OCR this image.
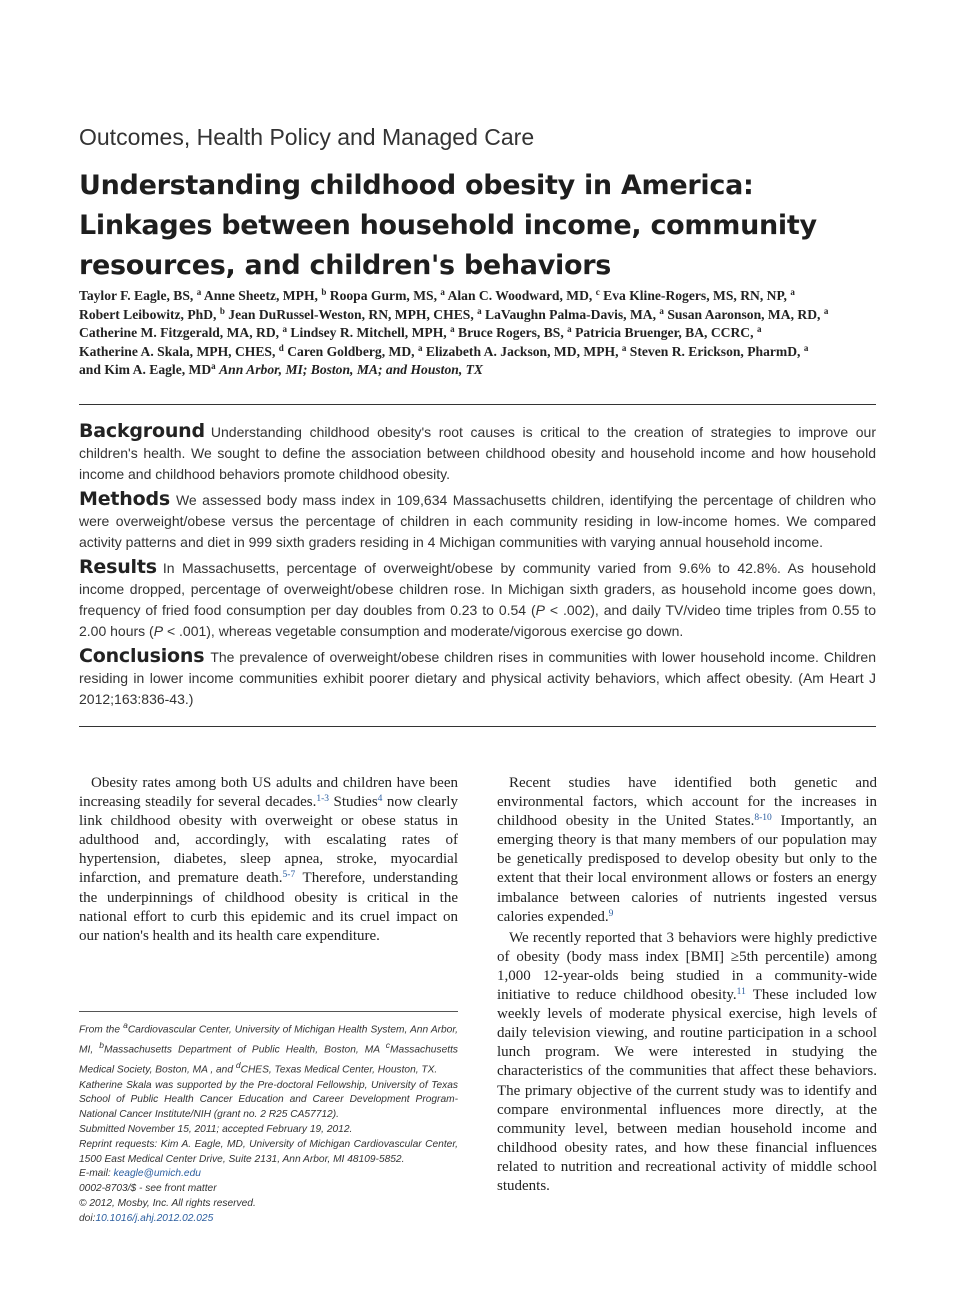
Outcomes, Health Policy and Managed Care
Understanding childhood obesity in America:
Linkages between household income, community
resources, and children's behaviors
Taylor F. Eagle, BS, $^a$ Anne Sheetz, MPH, $^b$ Roopa Gurm, MS, $^a$ Alan C. Woodward, MD, $^c$ Eva Kline-Rogers, MS, RN, NP, $^a$
Robert Leibowitz, PhD, $^b$ Jean DuRussel-Weston, RN, MPH, CHES, $^a$ LaVaughn Palma-Davis, MA, $^a$ Susan Aaronson, MA, RD, $^a$
Catherine M. Fitzgerald, MA, RD, $^a$ Lindsey R. Mitchell, MPH, $^a$ Bruce Rogers, BS, $^a$ Patricia Bruenger, BA, CCRC, $^a$
Katherine A. Skala, MPH, CHES, $^d$ Caren Goldberg, MD, $^a$ Elizabeth A. Jackson, MD, MPH, $^a$ Steven R. Erickson, PharmD, $^a$
and Kim A. Eagle, $MD^a$ Ann Arbor, MI; Boston, MA; and Houston, TX

Background Understanding childhood obesity's root causes is critical to the creation of strategies to improve our children's health. We sought to define the association between childhood obesity and household income and how household income and childhood behaviors promote childhood obesity.

Methods We assessed body mass index in 109,634 Massachusetts children, identifying the percentage of children who were overweight/obese versus the percentage of children in each community residing in low-income homes. We compared activity patterns and diet in 999 sixth graders residing in 4 Michigan communities with varying annual household income.

Results In Massachusetts, percentage of overweight/obese by community varied from 9.6% to 42.8%. As household income dropped, percentage of overweight/obese children rose. In Michigan sixth graders, as household income goes down, frequency of fried food consumption per day doubles from 0.23 to 0.54 (P < .002), and daily TV/video time triples from 0.55 to 2.00 hours (P < .001), whereas vegetable consumption and moderate/vigorous exercise go down.

Conclusions The prevalence of overweight/obese children rises in communities with lower household income. Children residing in lower income communities exhibit poorer dietary and physical activity behaviors, which affect obesity. (Am Heart J 2012;163:836-43.)

Obesity rates among both US adults and children have been increasing steadily for several decades.$^{1-3}$ Studies$^4$ now clearly link childhood obesity with overweight or obese status in adulthood and, accordingly, with escalating rates of hypertension, diabetes, sleep apnea, stroke, myocardial infarction, and premature death.$^{5-7}$ Therefore, understanding the underpinnings of childhood obesity is critical in the national effort to curb this epidemic and its cruel impact on our nation's health and its health care expenditure.

From the $^a$Cardiovascular Center, University of Michigan Health System, Ann Arbor, MI, $^b$Massachusetts Department of Public Health, Boston, MA $^c$Massachusetts Medical Society, Boston, MA , and $^d$CHES, Texas Medical Center, Houston, TX.

Katherine Skala was supported by the Pre-doctoral Fellowship, University of Texas School of Public Health Cancer Education and Career Development Program-National Cancer Institute/NIH (grant no. 2 R25 CA57712).

Submitted November 15, 2011; accepted February 19, 2012.

Reprint requests: Kim A. Eagle, MD, University of Michigan Cardiovascular Center, 1500 East Medical Center Drive, Suite 2131, Ann Arbor, MI 48109-5852.

E-mail: keagle@umich.edu

0002-8703/$ - see front matter

© 2012, Mosby, Inc. All rights reserved.

doi:10.1016/j.ahj.2012.02.025

Recent studies have identified both genetic and environmental factors, which account for the increases in childhood obesity in the United States.$^{8-10}$ Importantly, an emerging theory is that many members of our population may be genetically predisposed to develop obesity but only to the extent that their local environment allows or fosters an energy imbalance between calories of nutrients ingested versus calories expended.$^9$

We recently reported that 3 behaviors were highly predictive of obesity (body mass index [BMI] ≥5th percentile) among 1,000 12-year-olds being studied in a community-wide initiative to reduce childhood obesity.$^{11}$ These included low weekly levels of moderate physical exercise, high levels of daily television viewing, and routine participation in a school lunch program. We were interested in studying the characteristics of the communities that affect these behaviors. The primary objective of the current study was to identify and compare environmental influences more directly, at the community level, between median household income and childhood obesity rates, and how these financial influences related to nutrition and recreational activity of middle school students.
